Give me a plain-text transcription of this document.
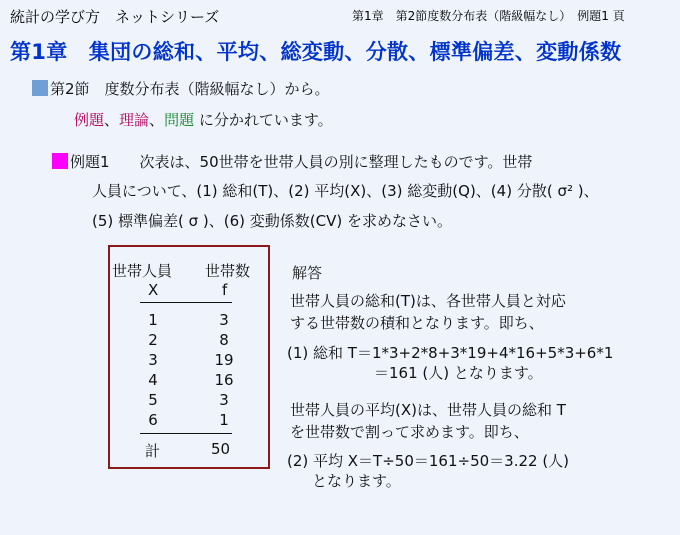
統計の学び方　ネットシリーズ	第1章　第2節度数分布表（階級幅なし）　例題1 頁
第1章　集団の総和、平均、総変動、分散、標準偏差、変動係数
第2節　度数分布表（階級幅なし）から。
例題、理論、問題 に分かれています。
例題1　　次表は、50世帯を世帯人員の別に整理したものです。世帯
人員について、(1) 総和(T)、(2) 平均(X)、(3) 総変動(Q)、(4) 分散( σ² )、
(5) 標準偏差( σ )、(6) 変動係数(CV) を求めなさい。
世帯人員 世帯数
X	f
1	3
2	8
3	19
4	16
5	3
6	1
計	50
解答
世帯人員の総和(T)は、各世帯人員と対応
する世帯数の積和となります。即ち、
(1) 総和 T＝1*3+2*8+3*19+4*16+5*3+6*1
＝161 (人) となります。
世帯人員の平均(X)は、世帯人員の総和 T
を世帯数で割って求めます。即ち、
(2) 平均 X＝T÷50＝161÷50＝3.22 (人)
となります。
